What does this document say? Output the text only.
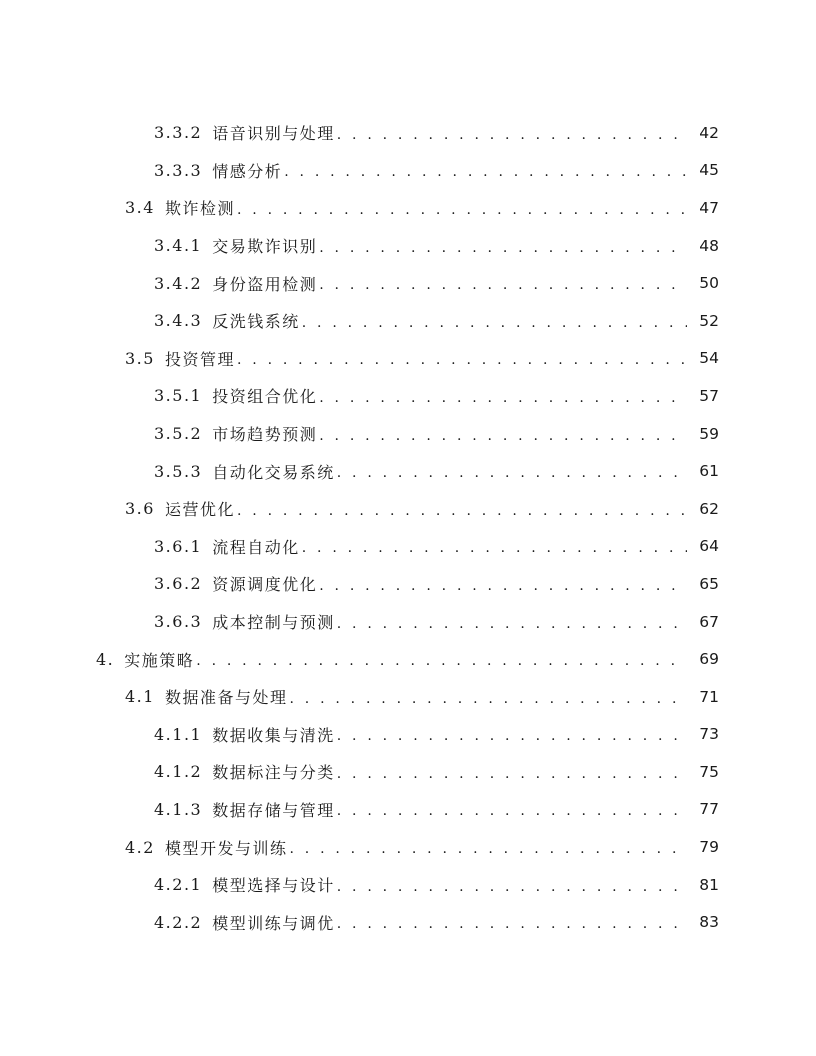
3.3.2 语音识别与处理 . . .	42
3.3.3 情感分析 . . .	45
3.4 欺诈检测 . . .	47
3.4.1 交易欺诈识别 . . .	48
3.4.2 身份盗用检测 . . .	50
3.4.3 反洗钱系统 . . .	52
3.5 投资管理 . . .	54
3.5.1 投资组合优化 . . .	57
3.5.2 市场趋势预测 . . .	59
3.5.3 自动化交易系统 . . .	61
3.6 运营优化 . . .	62
3.6.1 流程自动化 . . .	64
3.6.2 资源调度优化 . . .	65
3.6.3 成本控制与预测 . . .	67
4. 实施策略 . . .	69
4.1 数据准备与处理 . . .	71
4.1.1 数据收集与清洗 . . .	73
4.1.2 数据标注与分类 . . .	75
4.1.3 数据存储与管理 . . .	77
4.2 模型开发与训练 . . .	79
4.2.1 模型选择与设计 . . .	81
4.2.2 模型训练与调优 . . .	83
